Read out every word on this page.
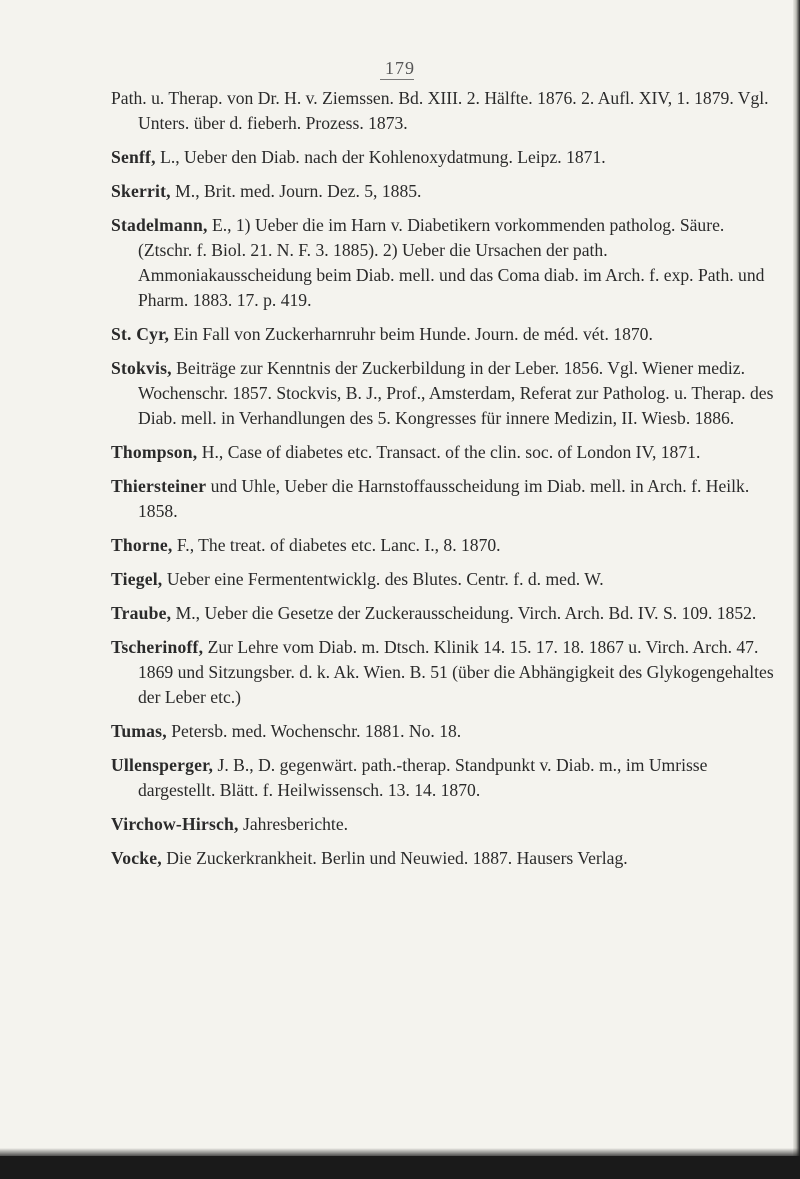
179

Path. u. Therap. von Dr. H. v. Ziemssen. Bd. XIII. 2. Hälfte. 1876. 2. Aufl. XIV, 1. 1879. Vgl. Unters. über d. fieberh. Prozess. 1873.

Senff, L., Ueber den Diab. nach der Kohlenoxydatmung. Leipz. 1871.

Skerrit, M., Brit. med. Journ. Dez. 5, 1885.

Stadelmann, E., 1) Ueber die im Harn v. Diabetikern vorkommenden patholog. Säure. (Ztschr. f. Biol. 21. N. F. 3. 1885). 2) Ueber die Ursachen der path. Ammoniakausscheidung beim Diab. mell. und das Coma diab. im Arch. f. exp. Path. und Pharm. 1883. 17. p. 419.

St. Cyr, Ein Fall von Zuckerharnruhr beim Hunde. Journ. de méd. vét. 1870.

Stokvis, Beiträge zur Kenntnis der Zuckerbildung in der Leber. 1856. Vgl. Wiener mediz. Wochenschr. 1857. Stockvis, B. J., Prof., Amsterdam, Referat zur Patholog. u. Therap. des Diab. mell. in Verhandlungen des 5. Kongresses für innere Medizin, II. Wiesb. 1886.

Thompson, H., Case of diabetes etc. Transact. of the clin. soc. of London IV, 1871.

Thiersteiner und Uhle, Ueber die Harnstoffausscheidung im Diab. mell. in Arch. f. Heilk. 1858.

Thorne, F., The treat. of diabetes etc. Lanc. I., 8. 1870.

Tiegel, Ueber eine Fermententwicklg. des Blutes. Centr. f. d. med. W.

Traube, M., Ueber die Gesetze der Zuckerausscheidung. Virch. Arch. Bd. IV. S. 109. 1852.

Tscherinoff, Zur Lehre vom Diab. m. Dtsch. Klinik 14. 15. 17. 18. 1867 u. Virch. Arch. 47. 1869 und Sitzungsber. d. k. Ak. Wien. B. 51 (über die Abhängigkeit des Glykogengehaltes der Leber etc.)

Tumas, Petersb. med. Wochenschr. 1881. No. 18.

Ullensperger, J. B., D. gegenwärt. path.-therap. Standpunkt v. Diab. m., im Umrisse dargestellt. Blätt. f. Heilwissensch. 13. 14. 1870.

Virchow-Hirsch, Jahresberichte.

Vocke, Die Zuckerkrankheit. Berlin und Neuwied. 1887. Hausers Verlag.
